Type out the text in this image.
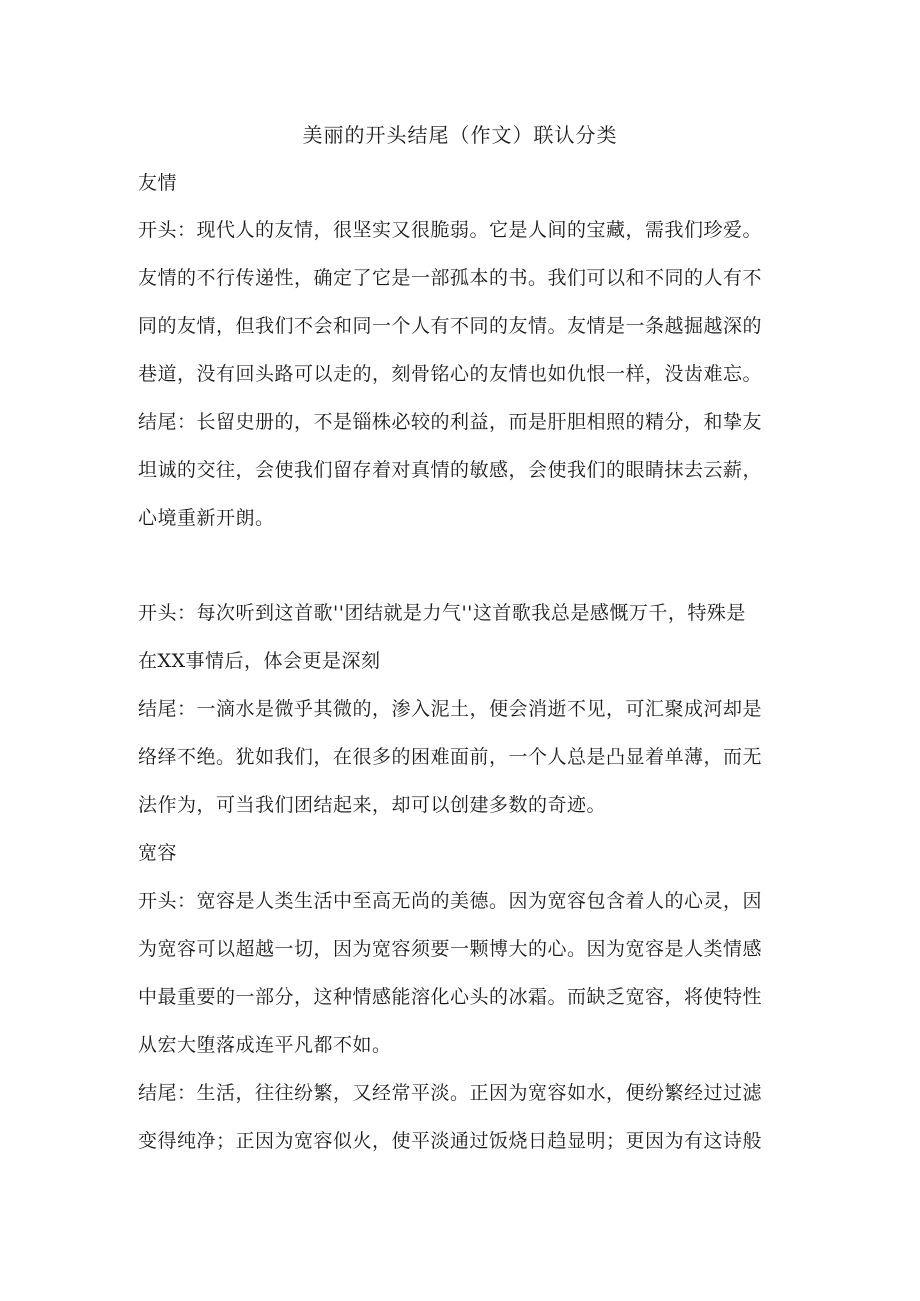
美丽的开头结尾（作文）联认分类
友情
开头：现代人的友情，很坚实又很脆弱。它是人间的宝藏，需我们珍爱。
友情的不行传递性，确定了它是一部孤本的书。我们可以和不同的人有不
同的友情，但我们不会和同一个人有不同的友情。友情是一条越掘越深的
巷道，没有回头路可以走的，刻骨铭心的友情也如仇恨一样，没齿难忘。
结尾：长留史册的，不是锱株必较的利益，而是肝胆相照的精分，和挚友
坦诚的交往，会使我们留存着对真情的敏感，会使我们的眼睛抹去云薪，
心境重新开朗。
开头：每次听到这首歌''团结就是力气''这首歌我总是感慨万千，特殊是
在XX事情后，体会更是深刻
结尾：一滴水是微乎其微的，渗入泥土，便会消逝不见，可汇聚成河却是
络绎不绝。犹如我们，在很多的困难面前，一个人总是凸显着单薄，而无
法作为，可当我们团结起来，却可以创建多数的奇迹。
宽容
开头：宽容是人类生活中至高无尚的美德。因为宽容包含着人的心灵，因
为宽容可以超越一切，因为宽容须要一颗博大的心。因为宽容是人类情感
中最重要的一部分，这种情感能溶化心头的冰霜。而缺乏宽容，将使特性
从宏大堕落成连平凡都不如。
结尾：生活，往往纷繁，又经常平淡。正因为宽容如水，便纷繁经过过滤
变得纯净；正因为宽容似火，使平淡通过饭烧日趋显明；更因为有这诗般
